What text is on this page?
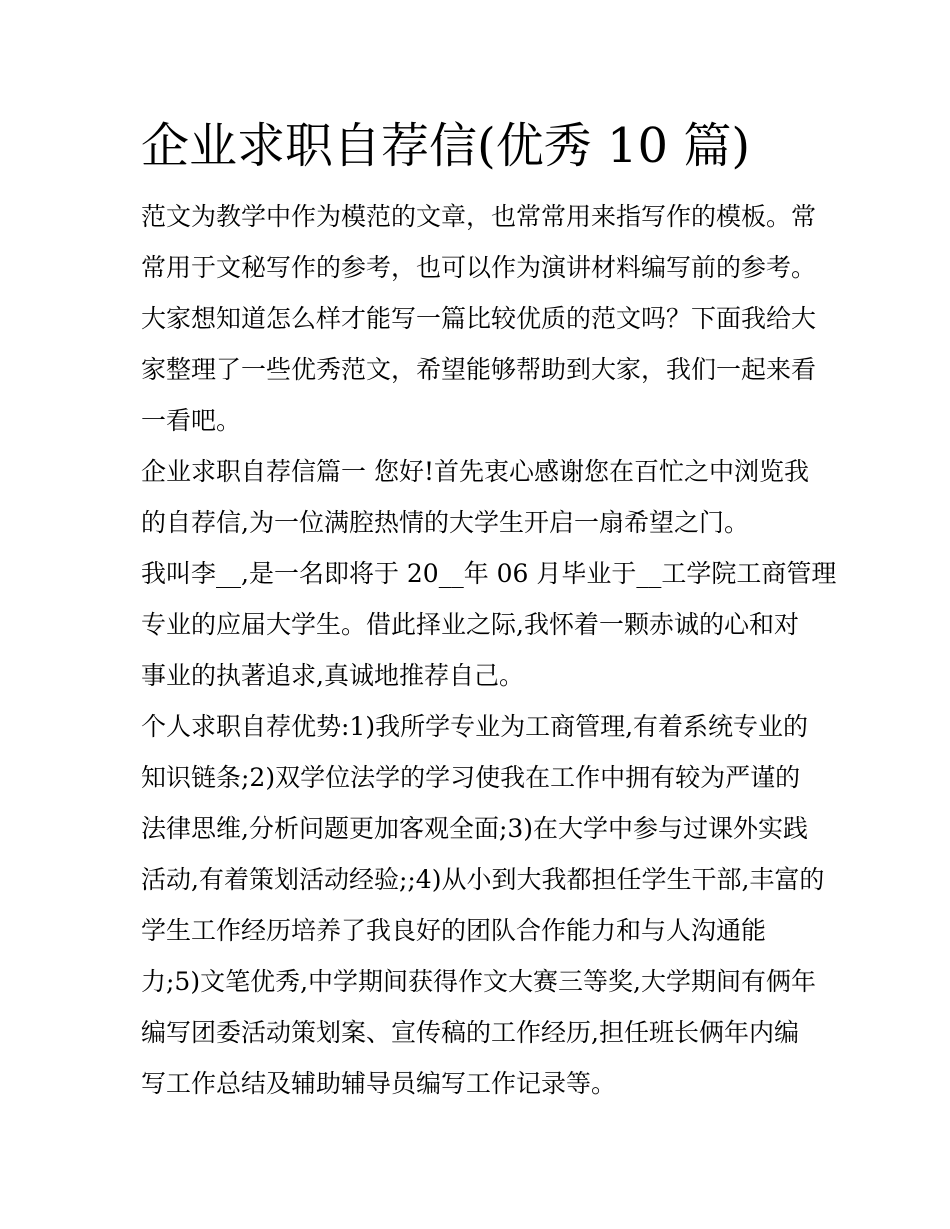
企业求职自荐信(优秀 10 篇)
范文为教学中作为模范的文章，也常常用来指写作的模板。常
常用于文秘写作的参考，也可以作为演讲材料编写前的参考。
大家想知道怎么样才能写一篇比较优质的范文吗？下面我给大
家整理了一些优秀范文，希望能够帮助到大家，我们一起来看
一看吧。
企业求职自荐信篇一 您好!首先衷心感谢您在百忙之中浏览我
的自荐信,为一位满腔热情的大学生开启一扇希望之门。
我叫李__,是一名即将于 20__年 06 月毕业于__工学院工商管理
专业的应届大学生。借此择业之际,我怀着一颗赤诚的心和对
事业的执著追求,真诚地推荐自己。
个人求职自荐优势:1)我所学专业为工商管理,有着系统专业的
知识链条;2)双学位法学的学习使我在工作中拥有较为严谨的
法律思维,分析问题更加客观全面;3)在大学中参与过课外实践
活动,有着策划活动经验;;4)从小到大我都担任学生干部,丰富的
学生工作经历培养了我良好的团队合作能力和与人沟通能
力;5)文笔优秀,中学期间获得作文大赛三等奖,大学期间有俩年
编写团委活动策划案、宣传稿的工作经历,担任班长俩年内编
写工作总结及辅助辅导员编写工作记录等。
